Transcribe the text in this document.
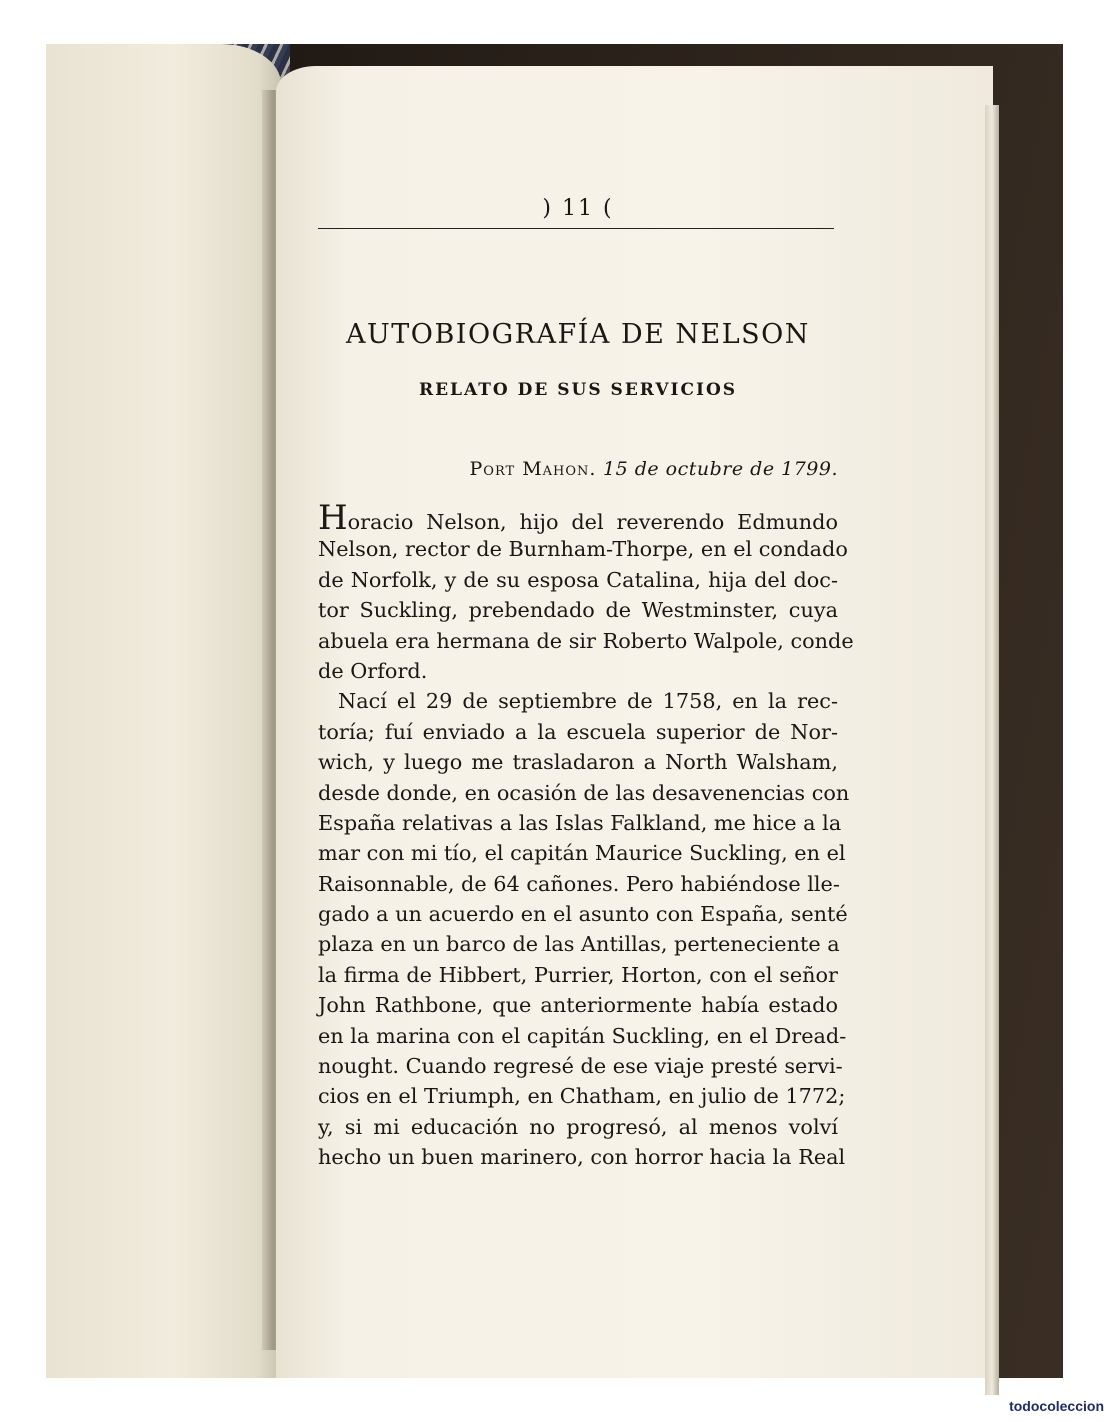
) 11 (
AUTOBIOGRAFÍA DE NELSON
RELATO DE SUS SERVICIOS
Port Mahon. 15 de octubre de 1799.
Horacio Nelson, hijo del reverendo Edmundo
Nelson, rector de Burnham-Thorpe, en el condado
de Norfolk, y de su esposa Catalina, hija del doc-
tor Suckling, prebendado de Westminster, cuya
abuela era hermana de sir Roberto Walpole, conde
de Orford.
Nací el 29 de septiembre de 1758, en la rec-
toría; fuí enviado a la escuela superior de Nor-
wich, y luego me trasladaron a North Walsham,
desde donde, en ocasión de las desavenencias con
España relativas a las Islas Falkland, me hice a la
mar con mi tío, el capitán Maurice Suckling, en el
Raisonnable, de 64 cañones. Pero habiéndose lle-
gado a un acuerdo en el asunto con España, senté
plaza en un barco de las Antillas, perteneciente a
la firma de Hibbert, Purrier, Horton, con el señor
John Rathbone, que anteriormente había estado
en la marina con el capitán Suckling, en el Dread-
nought. Cuando regresé de ese viaje presté servi-
cios en el Triumph, en Chatham, en julio de 1772;
y, si mi educación no progresó, al menos volví
hecho un buen marinero, con horror hacia la Real
todocoleccion
